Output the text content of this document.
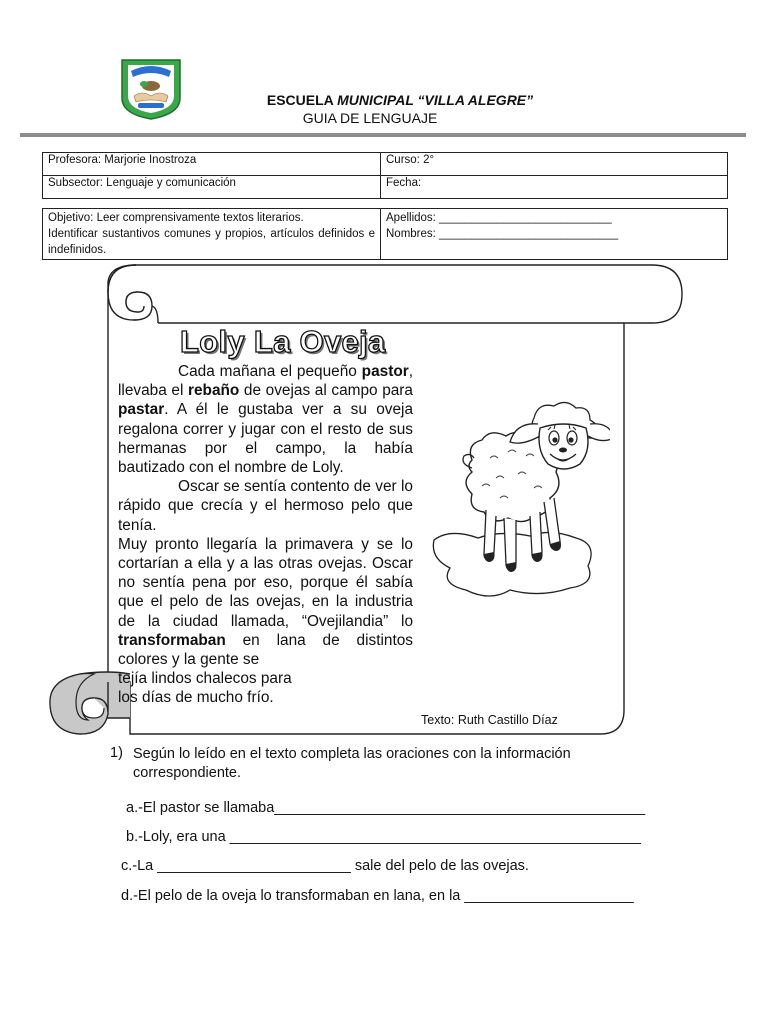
ESCUELA MUNICIPAL “VILLA ALEGRE”
GUIA DE LENGUAJE
Profesora: Marjorie Inostroza	Curso: 2°
Subsector: Lenguaje y comunicación	Fecha:
Objetivo: Leer comprensivamente textos literarios.
Identificar sustantivos comunes y propios, artículos definidos e indefinidos.

Apellidos: ___________________________
Nombres: ____________________________
Loly La Oveja

Cada mañana el pequeño pastor, llevaba el rebaño de ovejas al campo para pastar. A él le gustaba ver a su oveja regalona correr y jugar con el resto de sus hermanas por el campo, la había bautizado con el nombre de Loly.

Oscar se sentía contento de ver lo rápido que crecía y el hermoso pelo que tenía.

Muy pronto llegaría la primavera y se lo cortarían a ella y a las otras ovejas. Oscar no sentía pena por eso, porque él sabía que el pelo de las ovejas, en la industria de la ciudad llamada, “Ovejilandia” lo transformaban en lana de distintos colores y la gente se

tejía lindos chalecos para

los días de mucho frío.

Texto: Ruth Castillo Díaz
1) Según lo leído en el texto completa las oraciones con la información correspondiente.
a.-El pastor se llamaba______________________________________________
b.-Loly, era una ___________________________________________________
c.-La ________________________ sale del pelo de las ovejas.
d.-El pelo de la oveja lo transformaban en lana, en la _____________________
